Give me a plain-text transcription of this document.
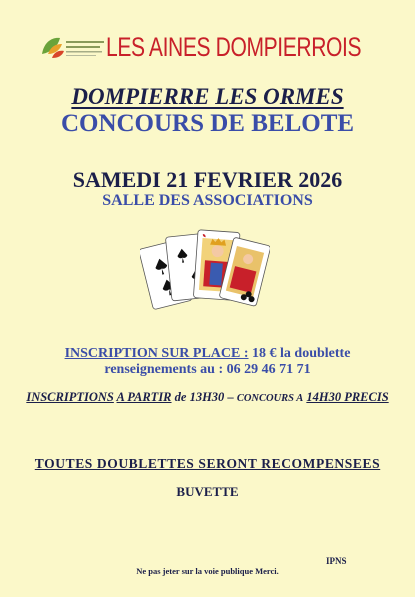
LES AINES DOMPIERROIS
DOMPIERRE LES ORMES
CONCOURS DE BELOTE
SAMEDI 21 FEVRIER 2026
SALLE DES ASSOCIATIONS
INSCRIPTION SUR PLACE : 18 € la doublette
renseignements au : 06 29 46 71 71
INSCRIPTIONS A PARTIR de 13H30 – CONCOURS A 14H30 PRECIS
TOUTES DOUBLETTES SERONT RECOMPENSEES
BUVETTE
IPNS
Ne pas jeter sur la voie publique Merci.
